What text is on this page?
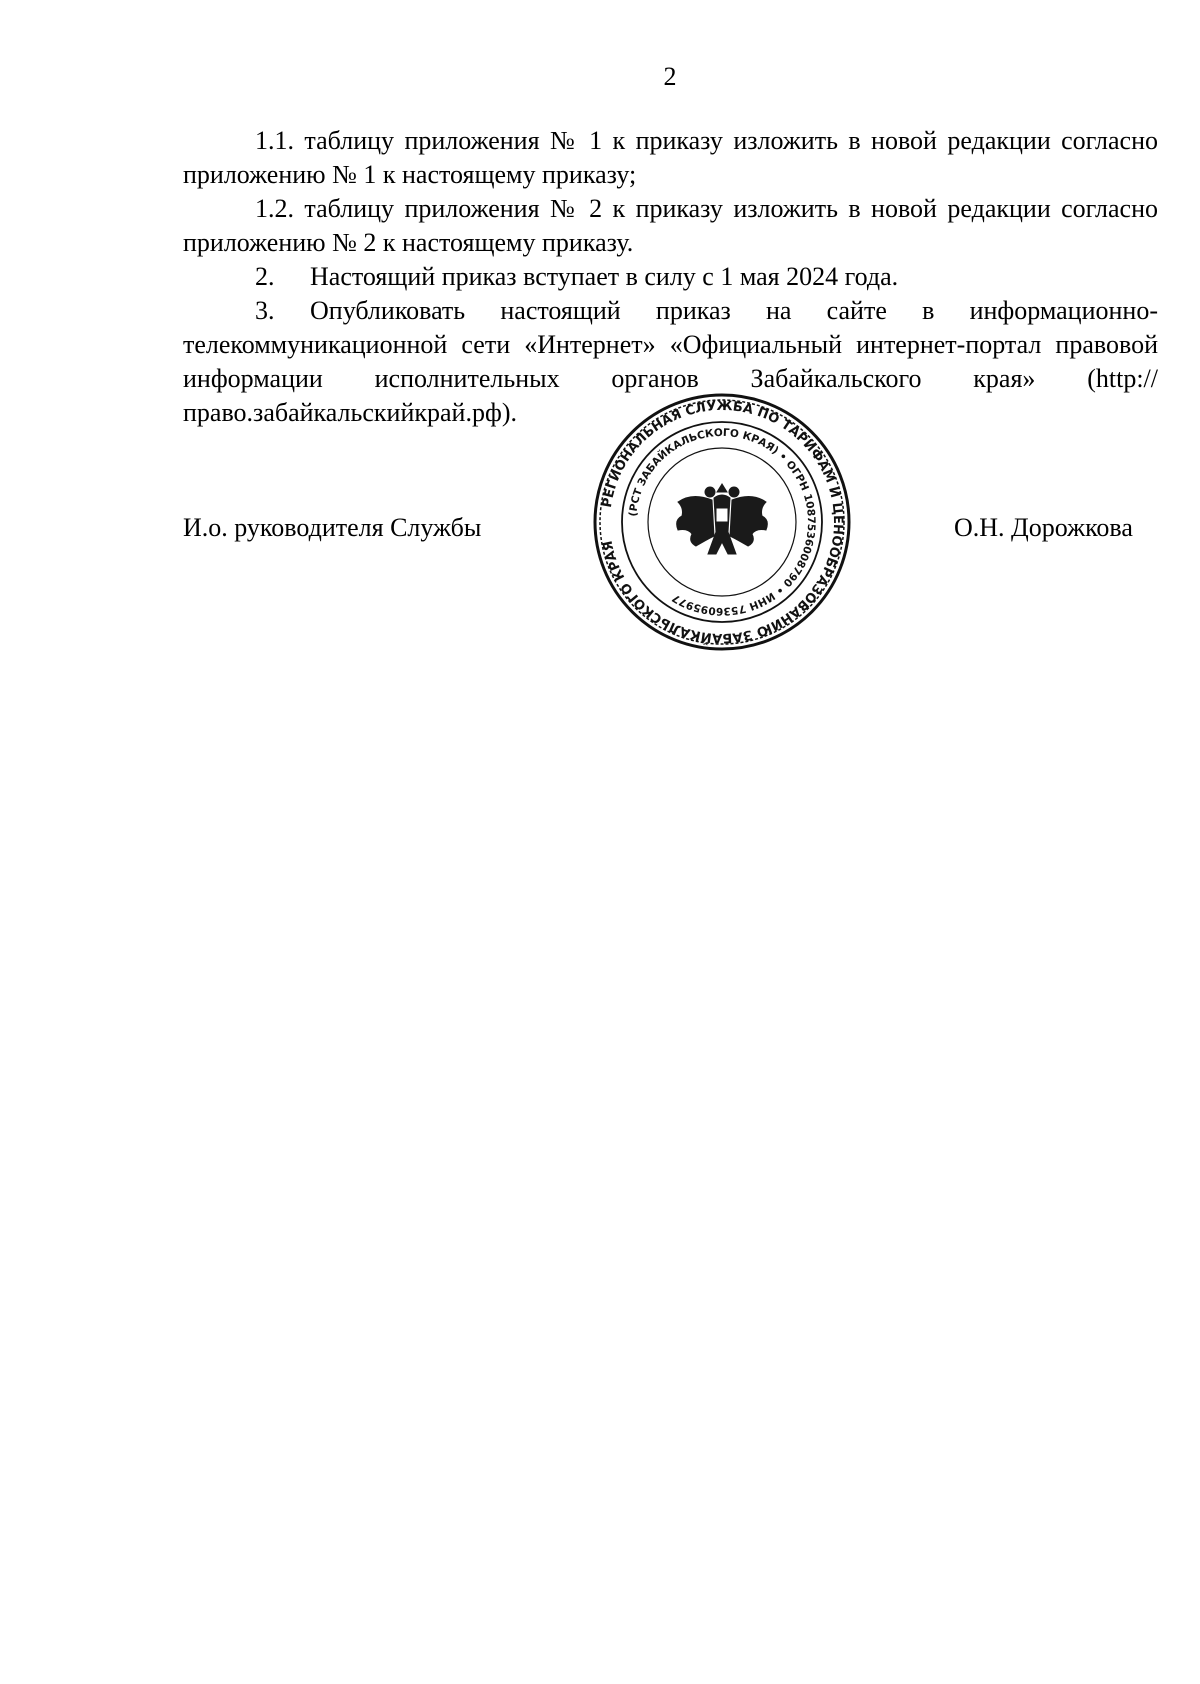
2

1.1. таблицу приложения № 1 к приказу изложить в новой редакции согласно приложению № 1 к настоящему приказу;

1.2. таблицу приложения № 2 к приказу изложить в новой редакции согласно приложению № 2 к настоящему приказу.

2. Настоящий приказ вступает в силу с 1 мая 2024 года.

3. Опубликовать настоящий приказ на сайте в информационно-телекоммуникационной сети «Интернет» «Официальный интернет-портал правовой информации исполнительных органов Забайкальского края» (http://право.забайкальскийкрай.рф).

И.о. руководителя Службы	О.Н. Дорожкова
РЕГИОНАЛЬНАЯ СЛУЖБА ПО ТАРИФАМ И ЦЕНООБРАЗОВАНИЮ ЗАБАЙКАЛЬСКОГО КРАЯ
(РСТ ЗАБАЙКАЛЬСКОГО КРАЯ) • ОГРН 1087536008790 • ИНН 7536095977
